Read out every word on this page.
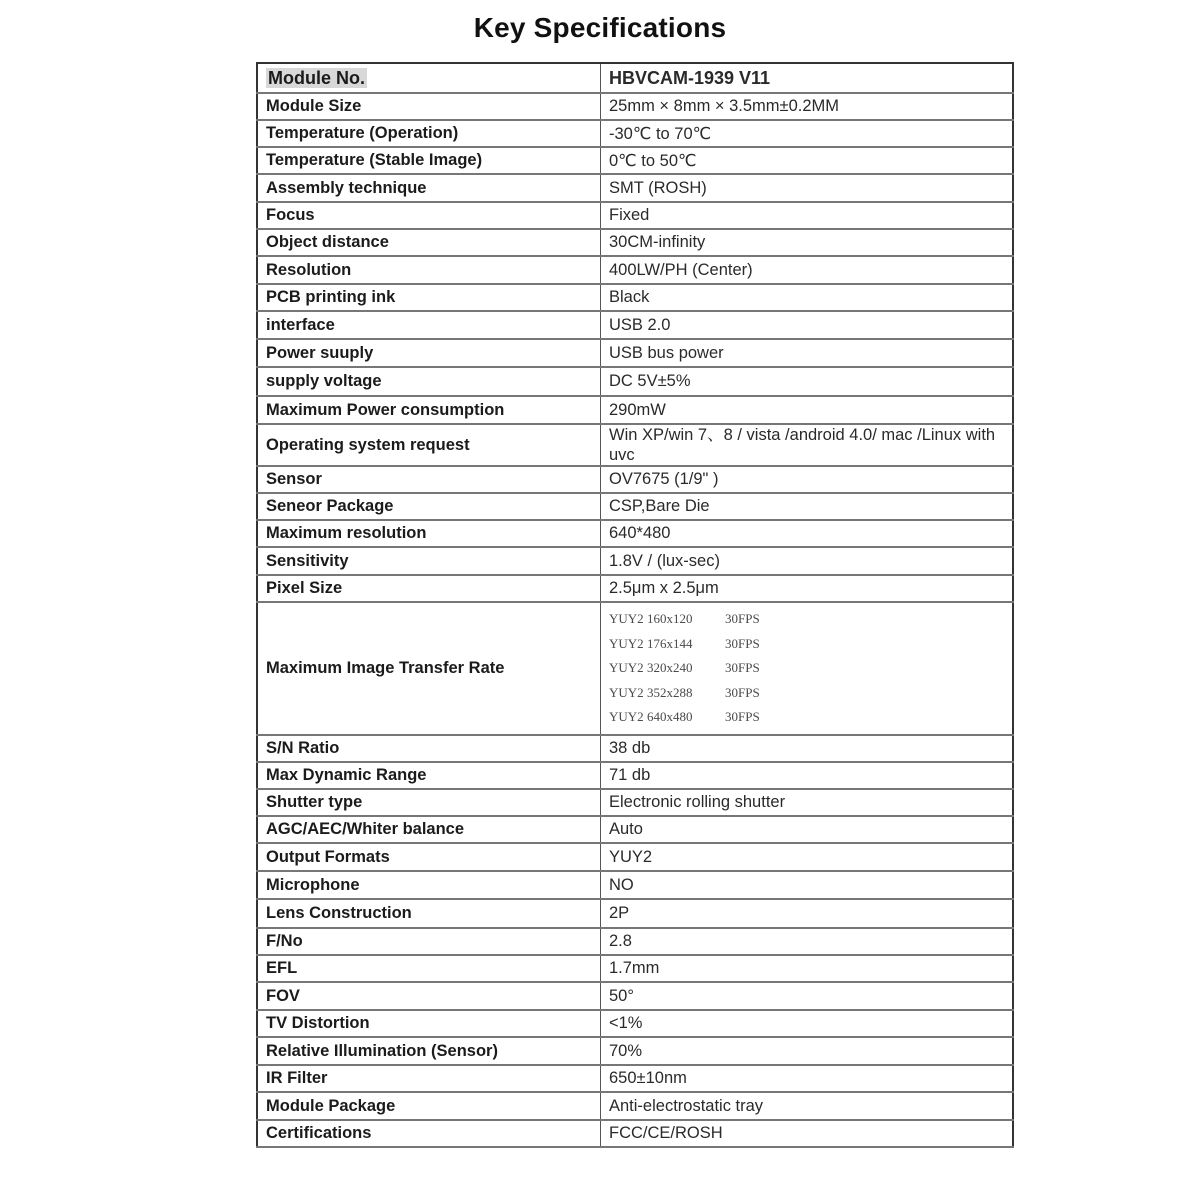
Key Specifications
Module No.	HBVCAM-1939 V11
Module Size	25mm × 8mm × 3.5mm±0.2MM
Temperature (Operation)	-30℃ to 70℃
Temperature (Stable Image)	0℃ to 50℃
Assembly technique	SMT (ROSH)
Focus	Fixed
Object distance	30CM-infinity
Resolution	400LW/PH (Center)
PCB printing ink	Black
interface	USB 2.0
Power suuply	USB bus power
supply voltage	DC 5V±5%
Maximum Power consumption	290mW
Operating system request	Win XP/win 7、8 / vista /android 4.0/ mac /Linux with uvc
Sensor	OV7675 (1/9" )
Seneor Package	CSP,Bare Die
Maximum resolution	640*480
Sensitivity	1.8V / (lux-sec)
Pixel Size	2.5μm x 2.5μm
Maximum Image Transfer Rate	YUY2 160x120 30FPS
YUY2 176x144 30FPS
YUY2 320x240 30FPS
YUY2 352x288 30FPS
YUY2 640x480 30FPS

S/N Ratio	38 db
Max Dynamic Range	71 db
Shutter type	Electronic rolling shutter
AGC/AEC/Whiter balance	Auto
Output Formats	YUY2
Microphone	NO
Lens Construction	2P
F/No	2.8
EFL	1.7mm
FOV	50°
TV Distortion	<1%
Relative Illumination (Sensor)	70%
IR Filter	650±10nm
Module Package	Anti-electrostatic tray
Certifications	FCC/CE/ROSH
